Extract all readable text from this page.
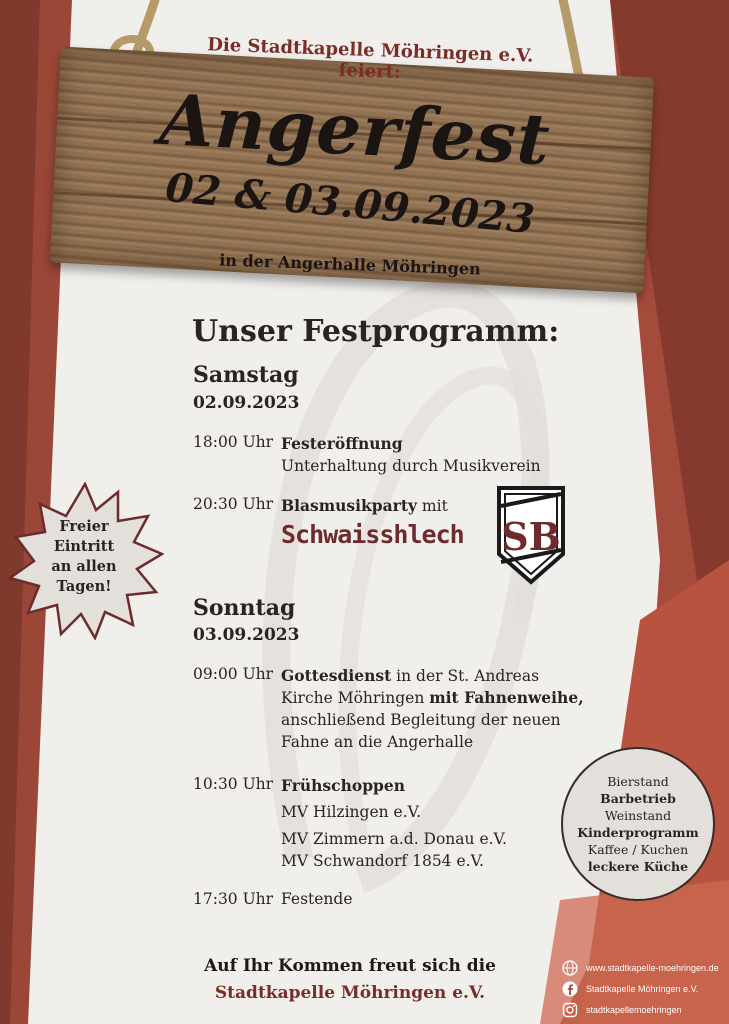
Die Stadtkapelle Möhringen e.V. feiert:
Angerfest
02 & 03.09.2023
in der Angerhalle Möhringen
Unser Festprogramm:
Samstag
02.09.2023
18:00 Uhr Festeröffnung
Unterhaltung durch Musikverein
20:30 Uhr Blasmusikparty mit
Schwaisshlech SB
Sonntag
03.09.2023
09:00 Uhr Gottesdienst in der St. Andreas
Kirche Möhringen mit Fahnenweihe,
anschließend Begleitung der neuen
Fahne an die Angerhalle
10:30 Uhr Frühschoppen
MV Hilzingen e.V.
MV Zimmern a.d. Donau e.V.
MV Schwandorf 1854 e.V.
17:30 Uhr Festende
Freier
Eintritt
an allen
Tagen!
Bierstand
Barbetrieb
Weinstand
Kinderprogramm
Kaffee / Kuchen
leckere Küche
Auf Ihr Kommen freut sich die
Stadtkapelle Möhringen e.V.
www.stadtkapelle-moehringen.de
Stadtkapelle Möhringen e.V.
stadtkapellemoehringen
